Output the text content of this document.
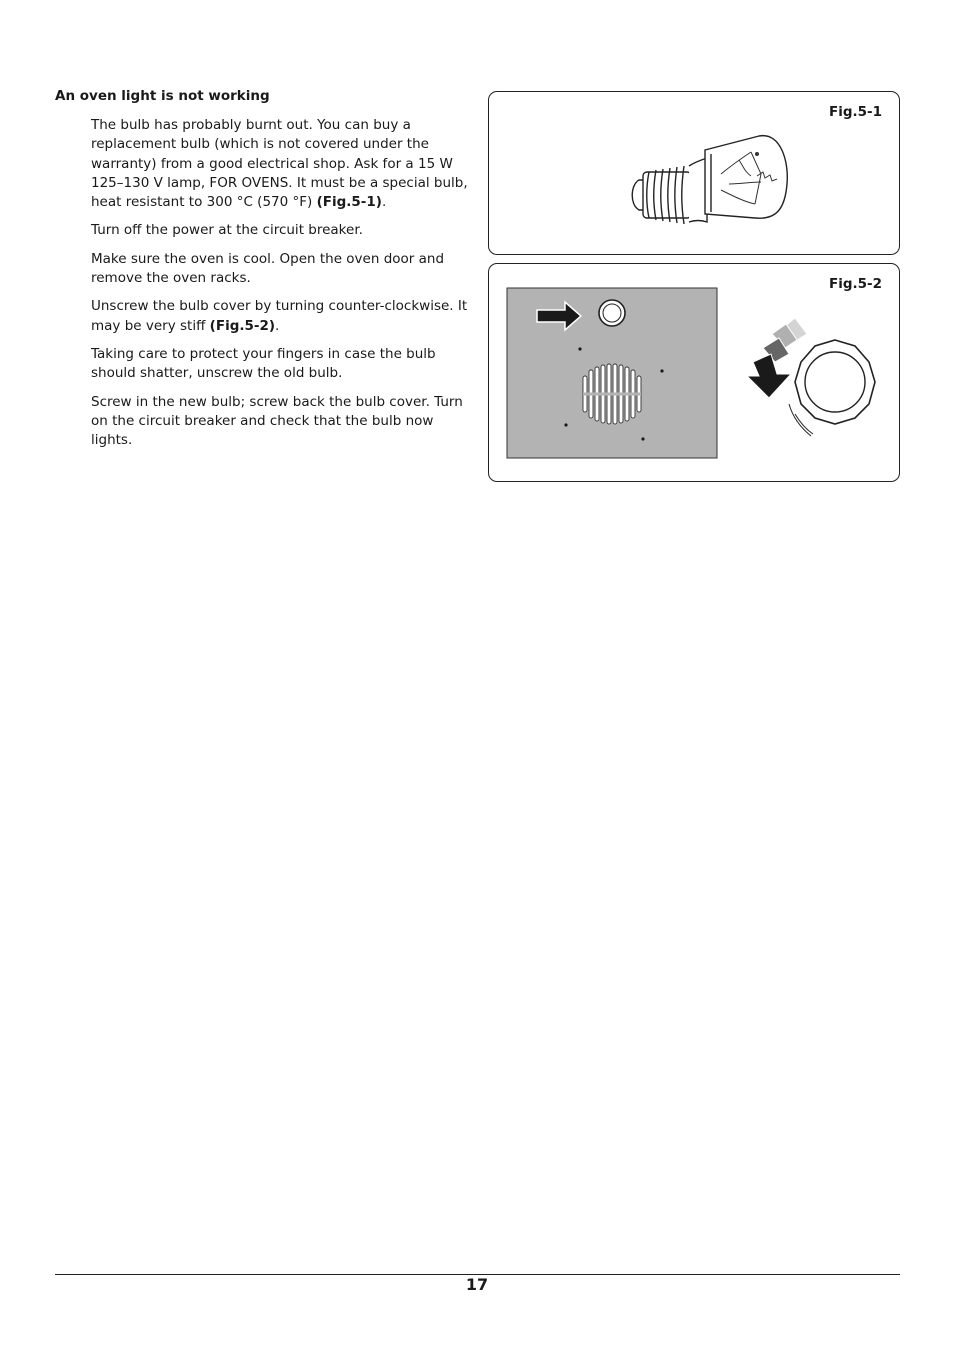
An oven light is not working

The bulb has probably burnt out. You can buy a replacement bulb (which is not covered under the warranty) from a good electrical shop. Ask for a 15 W 125–130 V lamp, FOR OVENS. It must be a special bulb, heat resistant to 300 °C (570 °F) (Fig.5-1).

Turn off the power at the circuit breaker.

Make sure the oven is cool. Open the oven door and remove the oven racks.

Unscrew the bulb cover by turning counter-clockwise. It may be very stiff (Fig.5-2).

Taking care to protect your fingers in case the bulb should shatter, unscrew the old bulb.

Screw in the new bulb; screw back the bulb cover. Turn on the circuit breaker and check that the bulb now lights.

Fig.5-1
Fig.5-2
17
